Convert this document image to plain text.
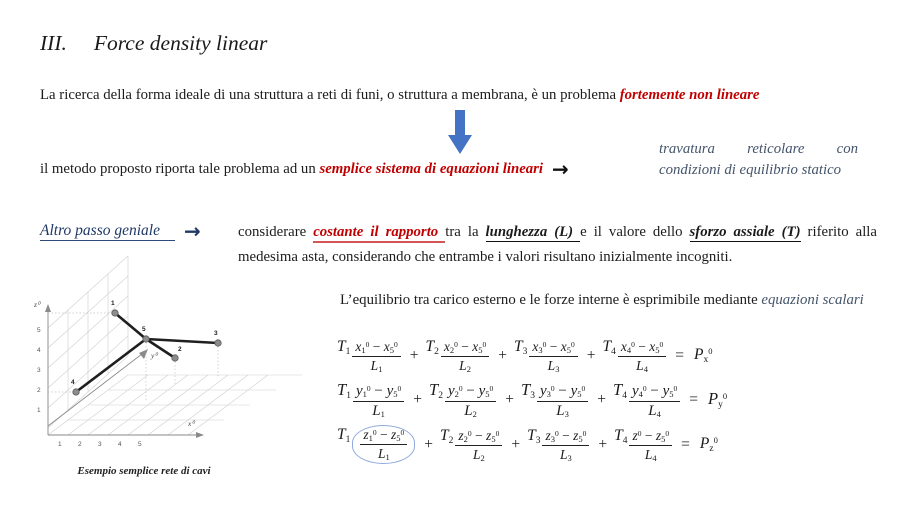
III. Force density linear

La ricerca della forma ideale di una struttura a reti di funi, o struttura a membrana, è un problema fortemente non lineare

il metodo proposto riporta tale problema ad un semplice sistema di equazioni lineari →

travatura reticolare con condizioni di equilibrio statico

Altro passo geniale →	considerare costante il rapporto tra la lunghezza (L) e il valore dello sforzo assiale (T) riferito alla medesima asta, considerando che entrambe i valori risultano inizialmente incogniti.

L’equilibrio tra carico esterno e le forze interne è esprimibile mediante equazioni scalari

$T_1 \frac{x_1^0 - x_5^0}{L_1}$ +
$T_2 \frac{x_2^0 - x_5^0}{L_2}$ +
$T_3 \frac{x_3^0 - x_5^0}{L_3}$ +
$T_4 \frac{x_4^0 - x_5^0}{L_4} = P_x^0$
$T_1 \frac{y_1^0 - y_5^0}{L_1}$ +
$T_2 \frac{y_2^0 - y_5^0}{L_2}$ +
$T_3 \frac{y_3^0 - y_5^0}{L_3}$ +
$T_4 \frac{y_4^0 - y_5^0}{L_4} = P_y^0$
$T_1 \frac{z_1^0 - z_5^0}{L_1}$ +
$T_2 \frac{z_2^0 - z_5^0}{L_2}$ +
$T_3 \frac{z_3^0 - z_5^0}{L_3}$ +
$T_4 \frac{z^0 - z_5^0}{L_4} = P_z^0$
z⁰
x⁰
y⁰
5
4
3
2
1
1	2	3	4	5
1
5
2
3
4
Esempio semplice rete di cavi
